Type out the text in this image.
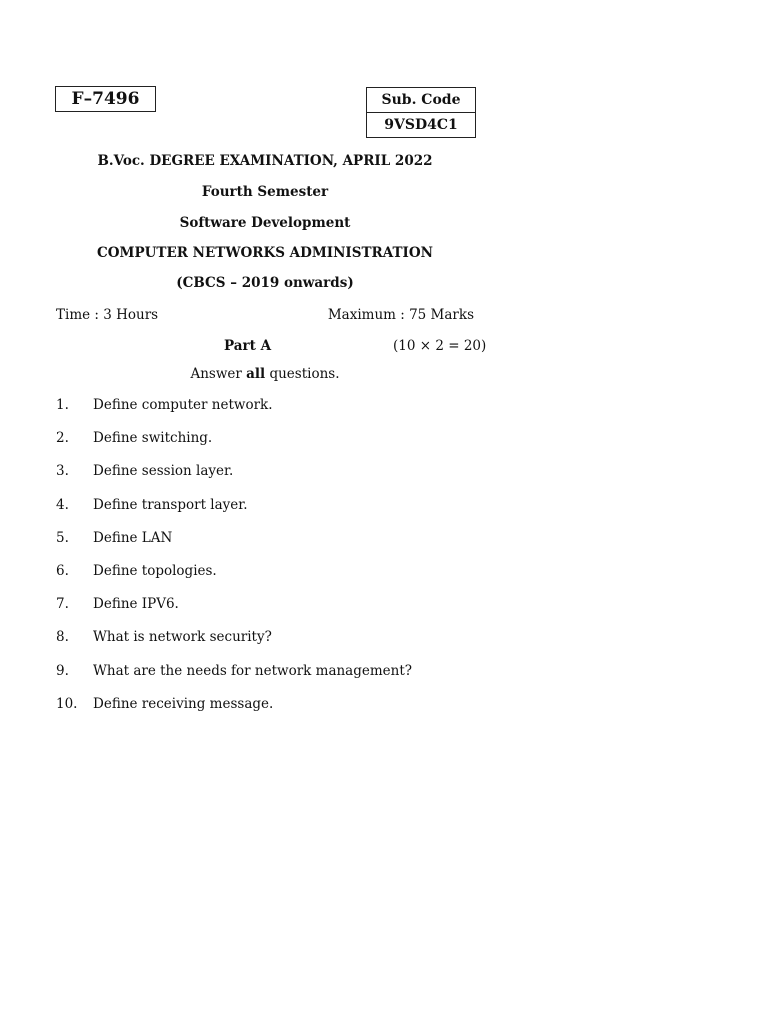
F–7496	Sub. Code
9VSD4C1
B.Voc. DEGREE EXAMINATION, APRIL 2022
Fourth Semester
Software Development
COMPUTER NETWORKS ADMINISTRATION
(CBCS – 2019 onwards)
Time : 3 Hours	Maximum : 75 Marks
Part A	(10 × 2 = 20)
Answer all questions.
1.	Define computer network.
2.	Define switching.
3.	Define session layer.
4.	Define transport layer.
5.	Define LAN
6.	Define topologies.
7.	Define IPV6.
8.	What is network security?
9.	What are the needs for network management?
10.	Define receiving message.
